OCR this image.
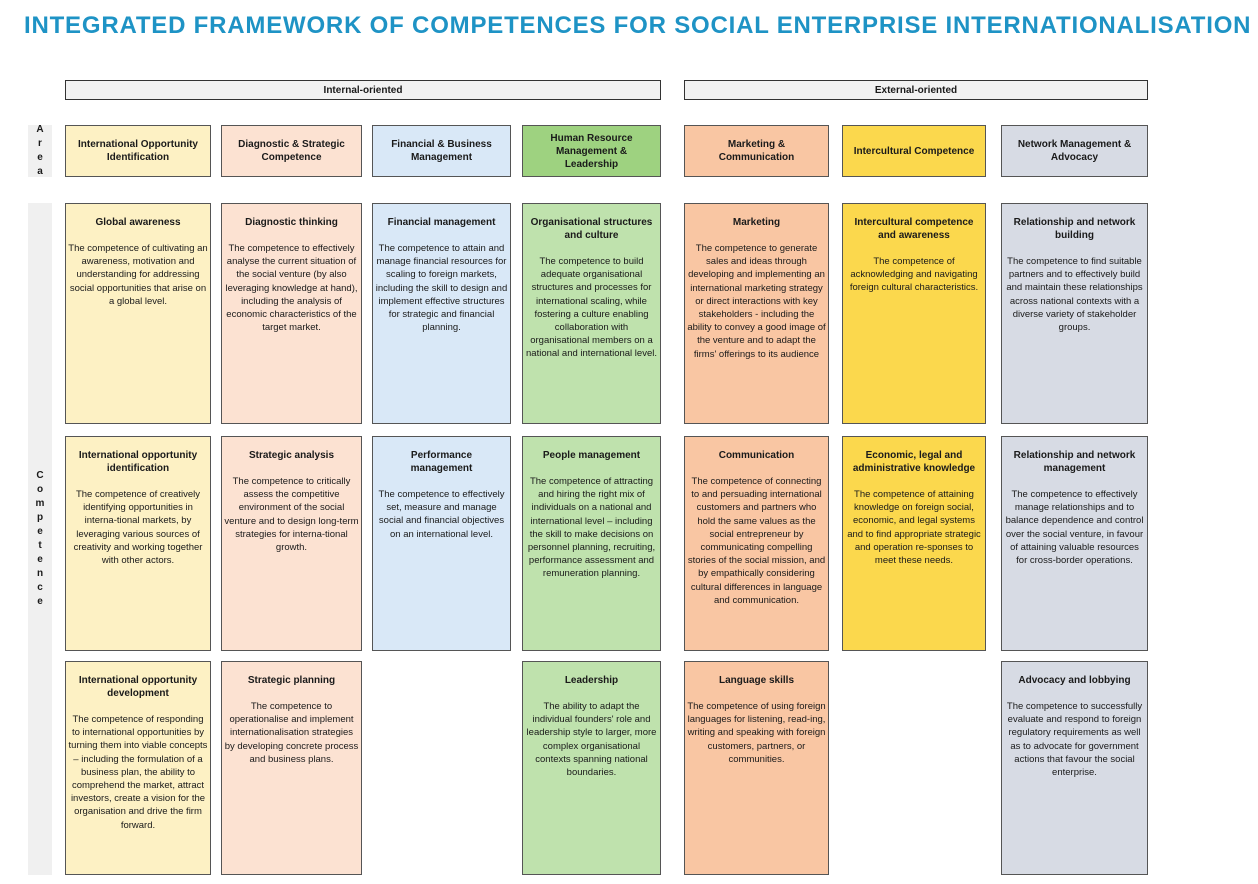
INTEGRATED FRAMEWORK OF COMPETENCES FOR SOCIAL ENTERPRISE INTERNATIONALISATION
Internal-oriented	External-oriented
A
r
e
a
C
o
m
p
e
t
e
n
c
e
International Opportunity Identification
Diagnostic & Strategic Competence
Financial & Business Management
Human Resource Management & Leadership
Marketing & Communication
Intercultural Competence
Network Management & Advocacy
Global awareness
The competence of cultivating an awareness, motivation and understanding for addressing social opportunities that arise on a global level.
International opportunity identification
The competence of creatively identifying opportunities in interna-tional markets, by leveraging various sources of creativity and working together with other actors.
International opportunity development
The competence of responding to international opportunities by turning them into viable concepts – including the formulation of a business plan, the ability to comprehend the market, attract investors, create a vision for the organisation and drive the firm forward.
Diagnostic thinking
The competence to effectively analyse the current situation of the social venture (by also leveraging knowledge at hand), including the analysis of economic characteristics of the target market.
Strategic analysis
The competence to critically assess the competitive environment of the social venture and to design long-term strategies for interna-tional growth.
Strategic planning
The competence to operationalise and implement internationalisation strategies by developing concrete process and business plans.
Financial management
The competence to attain and manage financial resources for scaling to foreign markets, including the skill to design and implement effective structures for strategic and financial planning.
Performance management
The competence to effectively set, measure and manage social and financial objectives on an international level.
Organisational structures and culture
The competence to build adequate organisational structures and processes for international scaling, while fostering a culture enabling collaboration with organisational members on a national and international level.
People management
The competence of attracting and hiring the right mix of individuals on a national and international level – including the skill to make decisions on personnel planning, recruiting, performance assessment and remuneration planning.
Leadership
The ability to adapt the individual founders' role and leadership style to larger, more complex organisational contexts spanning national boundaries.
Marketing
The competence to generate sales and ideas through developing and implementing an international marketing strategy or direct interactions with key stakeholders - including the ability to convey a good image of the venture and to adapt the firms' offerings to its audience
Communication
The competence of connecting to and persuading international customers and partners who hold the same values as the social entrepreneur by communicating compelling stories of the social mission, and by empathically considering cultural differences in language and communication.
Language skills
The competence of using foreign languages for listening, read-ing, writing and speaking with foreign customers, partners, or communities.
Intercultural competence and awareness
The competence of acknowledging and navigating foreign cultural characteristics.
Economic, legal and administrative knowledge
The competence of attaining knowledge on foreign social, economic, and legal systems and to find appropriate strategic and operation re-sponses to meet these needs.
Relationship and network building
The competence to find suitable partners and to effectively build and maintain these relationships across national contexts with a diverse variety of stakeholder groups.
Relationship and network management
The competence to effectively manage relationships and to balance dependence and control over the social venture, in favour of attaining valuable resources for cross-border operations.
Advocacy and lobbying
The competence to successfully evaluate and respond to foreign regulatory requirements as well as to advocate for government actions that favour the social enterprise.
